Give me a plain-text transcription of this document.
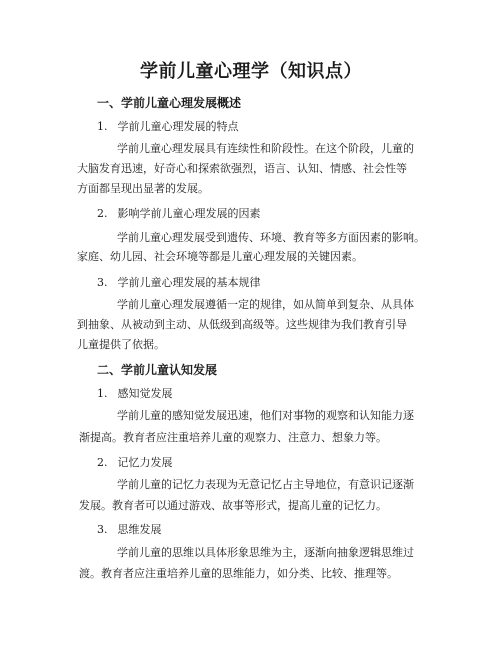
学前儿童心理学（知识点）
一、学前儿童心理发展概述
1. 学前儿童心理发展的特点
学前儿童心理发展具有连续性和阶段性。在这个阶段，儿童的
大脑发育迅速，好奇心和探索欲强烈，语言、认知、情感、社会性等
方面都呈现出显著的发展。
2. 影响学前儿童心理发展的因素
学前儿童心理发展受到遗传、环境、教育等多方面因素的影响。
家庭、幼儿园、社会环境等都是儿童心理发展的关键因素。
3. 学前儿童心理发展的基本规律
学前儿童心理发展遵循一定的规律，如从简单到复杂、从具体
到抽象、从被动到主动、从低级到高级等。这些规律为我们教育引导
儿童提供了依据。
二、学前儿童认知发展
1. 感知觉发展
学前儿童的感知觉发展迅速，他们对事物的观察和认知能力逐
渐提高。教育者应注重培养儿童的观察力、注意力、想象力等。
2. 记忆力发展
学前儿童的记忆力表现为无意记忆占主导地位，有意识记逐渐
发展。教育者可以通过游戏、故事等形式，提高儿童的记忆力。
3. 思维发展
学前儿童的思维以具体形象思维为主，逐渐向抽象逻辑思维过
渡。教育者应注重培养儿童的思维能力，如分类、比较、推理等。
